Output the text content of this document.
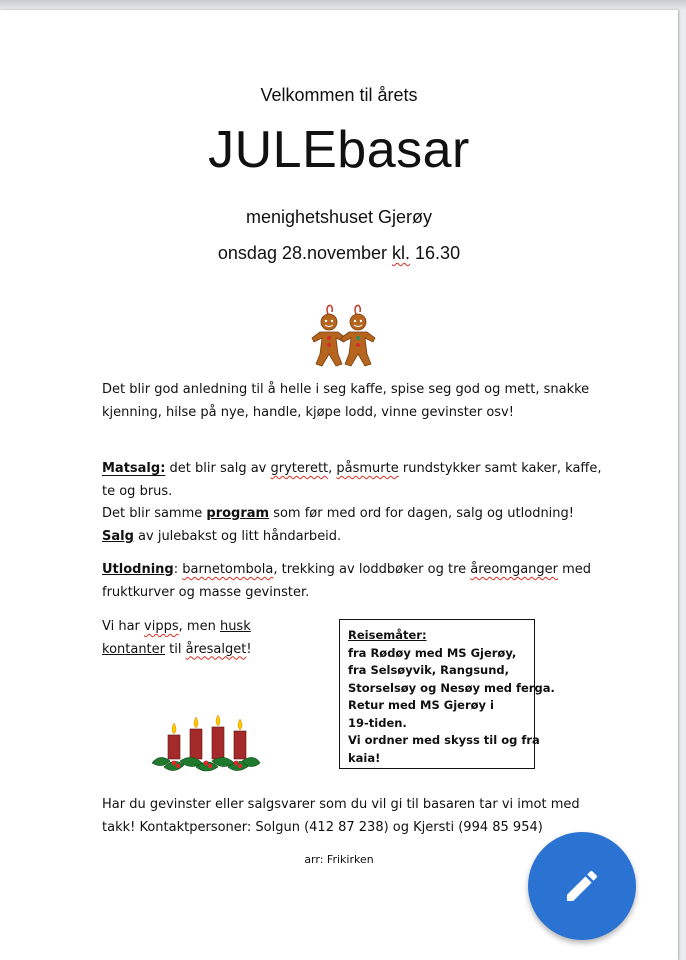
Velkommen til årets
JULEbasar
menighetshuset Gjerøy
onsdag 28.november kl. 16.30

Det blir god anledning til å helle i seg kaffe, spise seg god og mett, snakke
kjenning, hilse på nye, handle, kjøpe lodd, vinne gevinster osv!

Matsalg: det blir salg av gryterett, påsmurte rundstykker samt kaker, kaffe,
te og brus.
Det blir samme program som før med ord for dagen, salg og utlodning!
Salg av julebakst og litt håndarbeid.

Utlodning: barnetombola, trekking av loddbøker og tre åreomganger med
fruktkurver og masse gevinster.

Vi har vipps, men husk
kontanter til åresalget!

Reisemåter:
fra Rødøy med MS Gjerøy,
fra Selsøyvik, Rangsund,
Storselsøy og Nesøy med ferga.
Retur med MS Gjerøy i
19-tiden.
Vi ordner med skyss til og fra
kaia!

Har du gevinster eller salgsvarer som du vil gi til basaren tar vi imot med
takk! Kontaktpersoner: Solgun (412 87 238) og Kjersti (994 85 954)

arr: Frikirken
